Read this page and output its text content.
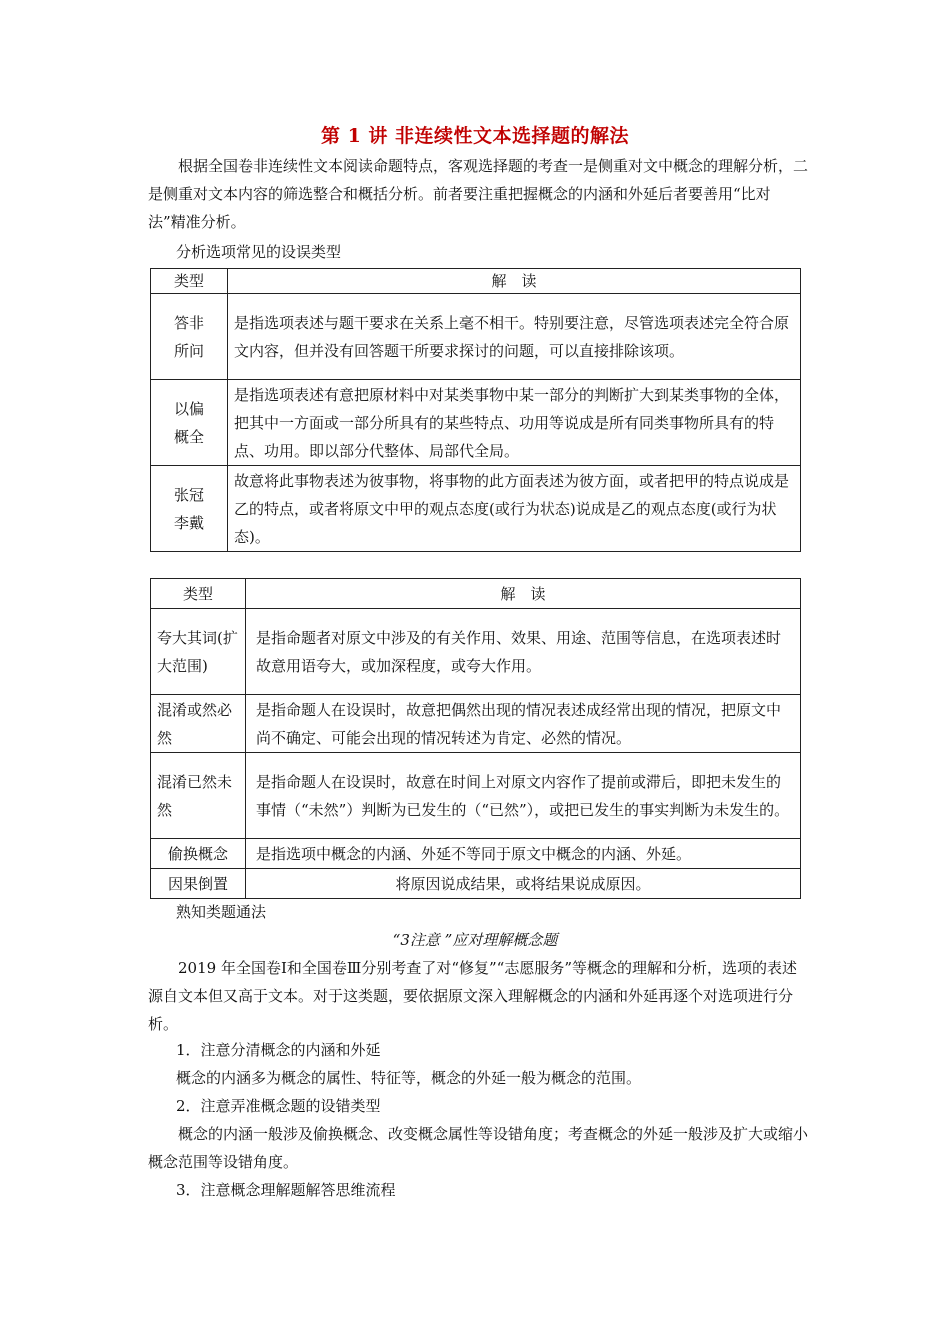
第 1 讲 非连续性文本选择题的解法

根据全国卷非连续性文本阅读命题特点，客观选择题的考查一是侧重对文中概念的理解分析，二是侧重对文本内容的筛选整合和概括分析。前者要注重把握概念的内涵和外延后者要善用“比对法”精准分析。

分析选项常见的设误类型
类型	解　读
答非所问	是指选项表述与题干要求在关系上毫不相干。特别要注意，尽管选项表述完全符合原文内容，但并没有回答题干所要求探讨的问题，可以直接排除该项。
以偏概全	是指选项表述有意把原材料中对某类事物中某一部分的判断扩大到某类事物的全体，把其中一方面或一部分所具有的某些特点、功用等说成是所有同类事物所具有的特点、功用。即以部分代整体、局部代全局。
张冠李戴	故意将此事物表述为彼事物，将事物的此方面表述为彼方面，或者把甲的特点说成是乙的特点，或者将原文中甲的观点态度(或行为状态)说成是乙的观点态度(或行为状态)。
类型	解　读
夸大其词(扩大范围)	是指命题者对原文中涉及的有关作用、效果、用途、范围等信息，在选项表述时故意用语夸大，或加深程度，或夸大作用。
混淆或然必然	是指命题人在设误时，故意把偶然出现的情况表述成经常出现的情况，把原文中尚不确定、可能会出现的情况转述为肯定、必然的情况。
混淆已然未然	是指命题人在设误时，故意在时间上对原文内容作了提前或滞后，即把未发生的事情（“未然”）判断为已发生的（“已然”），或把已发生的事实判断为未发生的。
偷换概念	是指选项中概念的内涵、外延不等同于原文中概念的内涵、外延。
因果倒置	将原因说成结果，或将结果说成原因。
熟知类题通法
“3注意 ”应对理解概念题

2019 年全国卷Ⅰ和全国卷Ⅲ分别考查了对“修复”“志愿服务”等概念的理解和分析，选项的表述源自文本但又高于文本。对于这类题，要依据原文深入理解概念的内涵和外延再逐个对选项进行分析。

1．注意分清概念的内涵和外延
概念的内涵多为概念的属性、特征等，概念的外延一般为概念的范围。
2．注意弄准概念题的设错类型

概念的内涵一般涉及偷换概念、改变概念属性等设错角度；考查概念的外延一般涉及扩大或缩小概念范围等设错角度。

3．注意概念理解题解答思维流程
